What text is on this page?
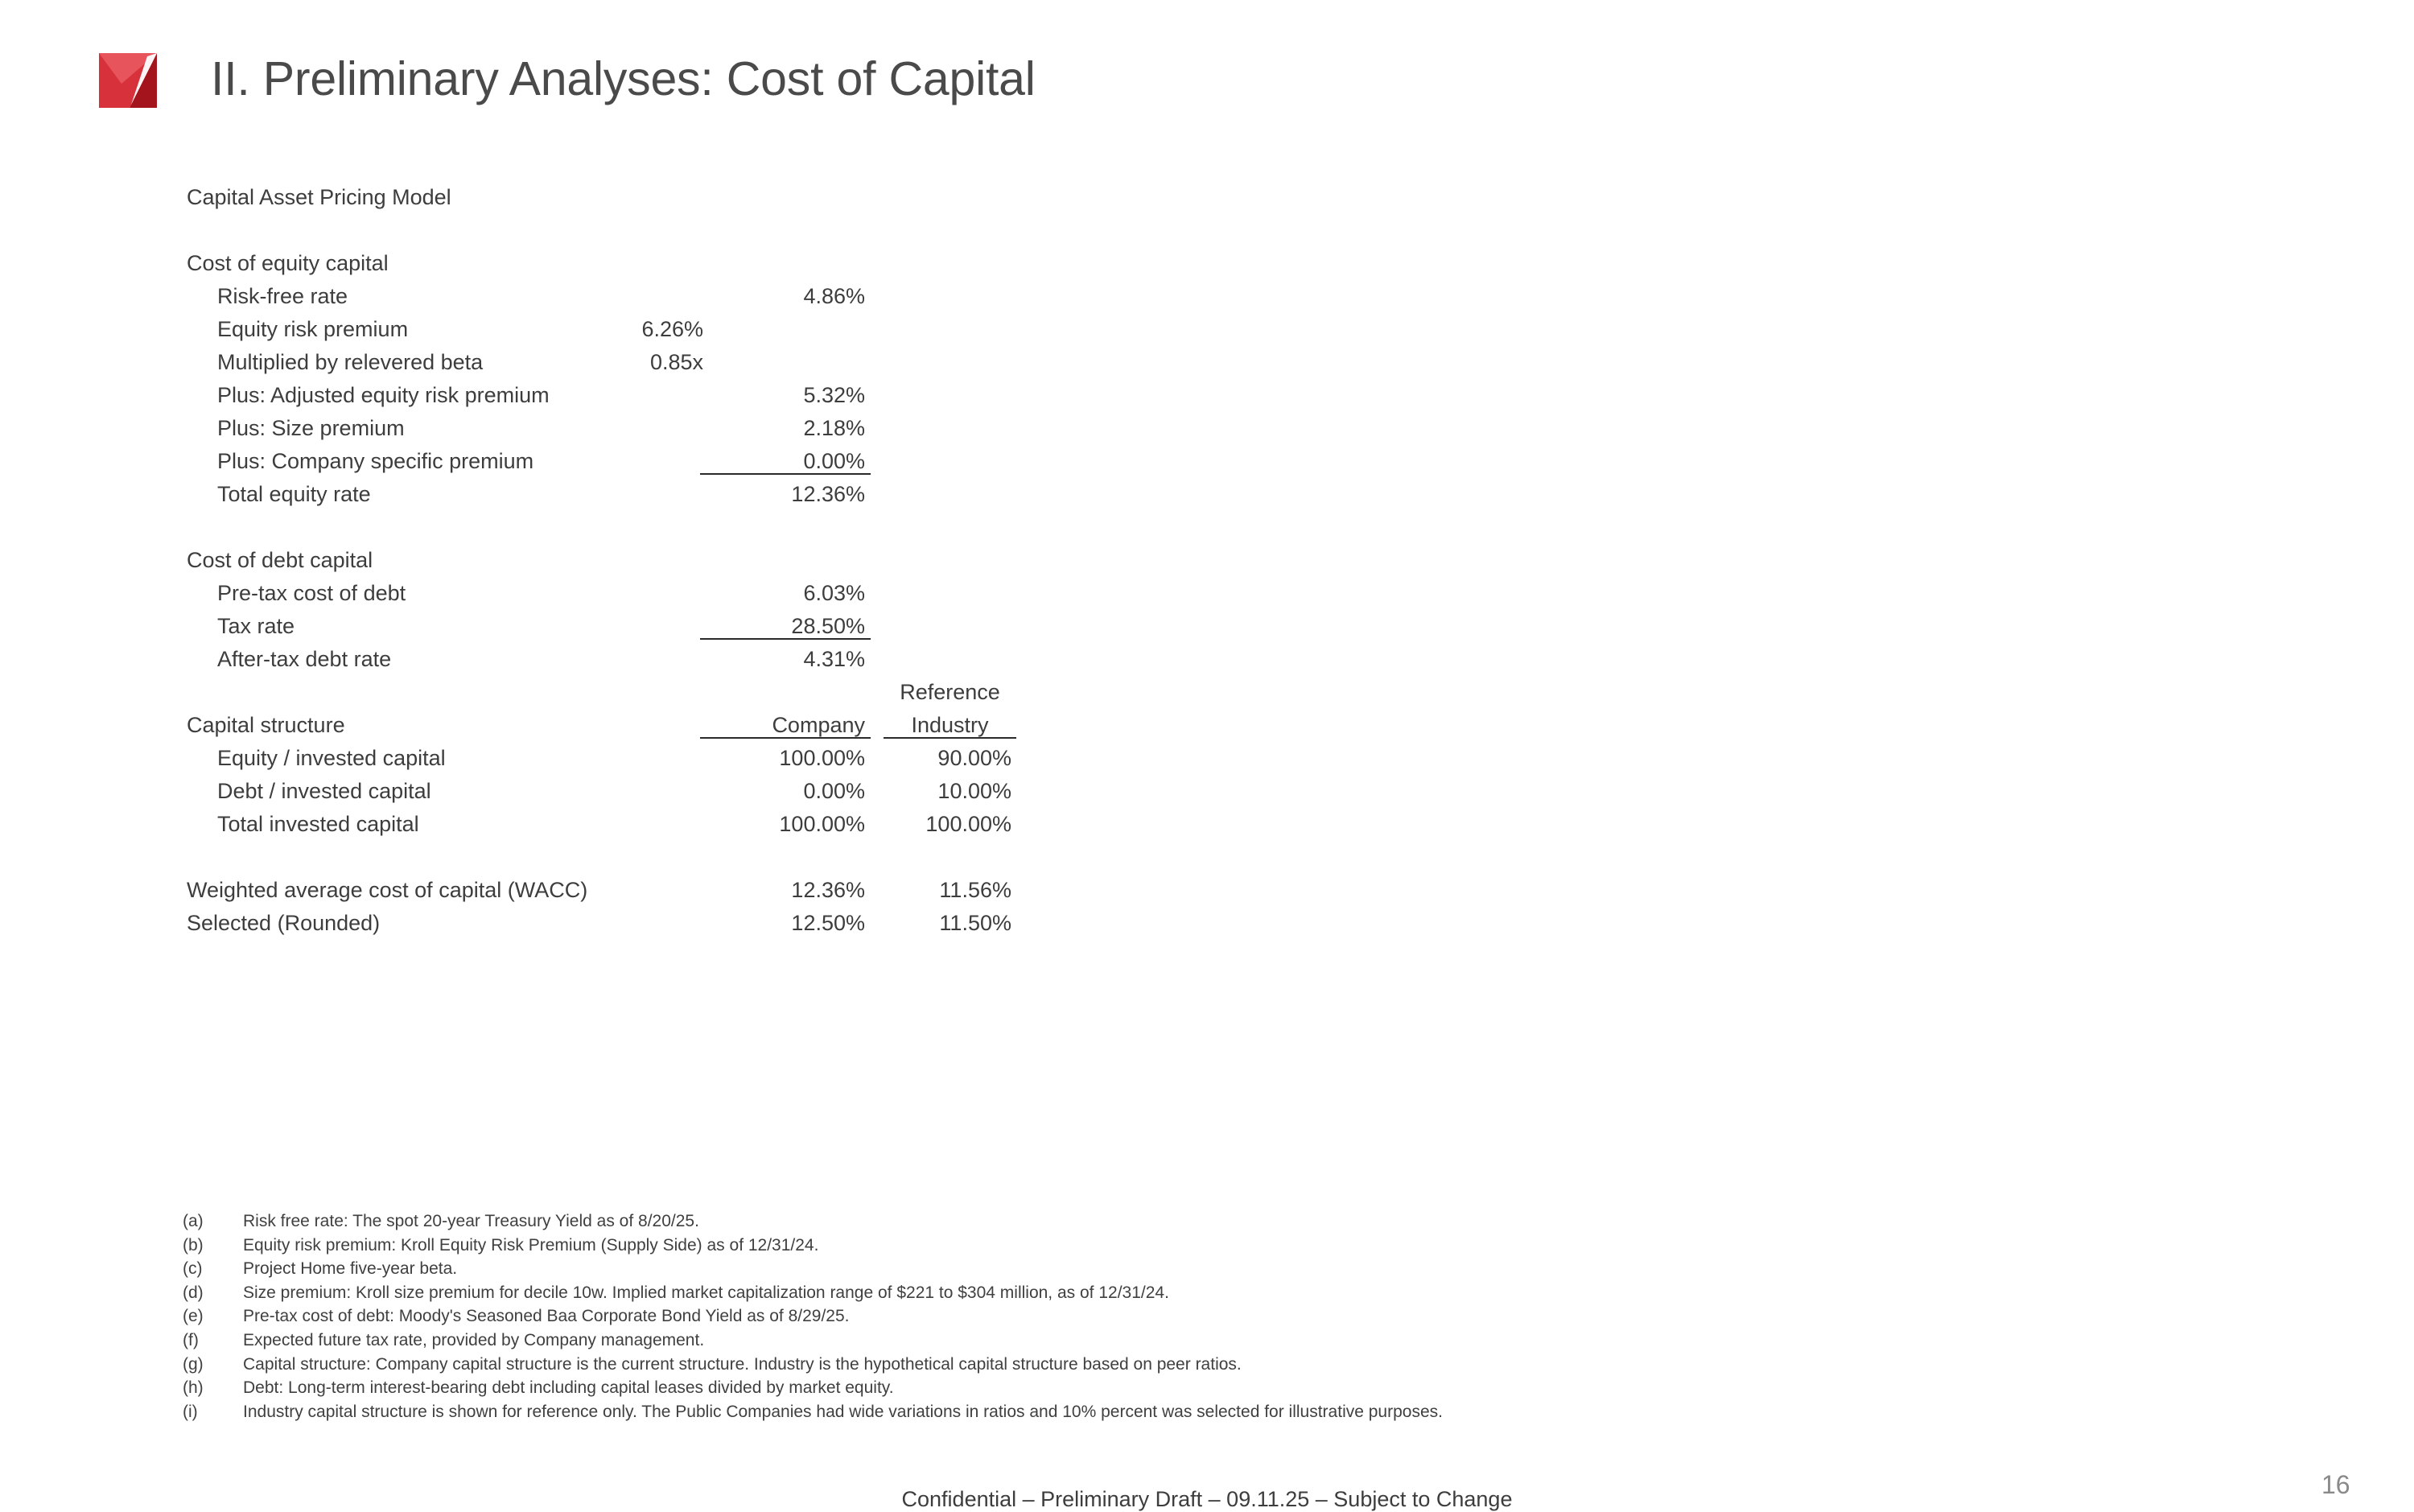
II. Preliminary Analyses: Cost of Capital
Capital Asset Pricing Model
Cost of equity capital
Risk-free rate	4.86%
Equity risk premium	6.26%
Multiplied by relevered beta	0.85x
Plus: Adjusted equity risk premium	5.32%
Plus: Size premium	2.18%
Plus: Company specific premium	0.00%
Total equity rate	12.36%
Cost of debt capital
Pre-tax cost of debt	6.03%
Tax rate	28.50%
After-tax debt rate	4.31%
Reference
Capital structure	Company	Industry
Equity / invested capital	100.00%	90.00%
Debt / invested capital	0.00%	10.00%
Total invested capital	100.00%	100.00%
Weighted average cost of capital (WACC)	12.36%	11.56%
Selected (Rounded)	12.50%	11.50%
(a) Risk free rate: The spot 20-year Treasury Yield as of 8/20/25.
(b) Equity risk premium: Kroll Equity Risk Premium (Supply Side) as of 12/31/24.
(c) Project Home five-year beta.
(d) Size premium: Kroll size premium for decile 10w. Implied market capitalization range of $221 to $304 million, as of 12/31/24.
(e) Pre-tax cost of debt: Moody's Seasoned Baa Corporate Bond Yield as of 8/29/25.
(f)	Expected future tax rate, provided by Company management.
(g) Capital structure: Company capital structure is the current structure. Industry is the hypothetical capital structure based on peer ratios.
(h) Debt: Long-term interest-bearing debt including capital leases divided by market equity.
(i)	Industry capital structure is shown for reference only. The Public Companies had wide variations in ratios and 10% percent was selected for illustrative purposes.
Confidential – Preliminary Draft – 09.11.25 – Subject to Change	16
